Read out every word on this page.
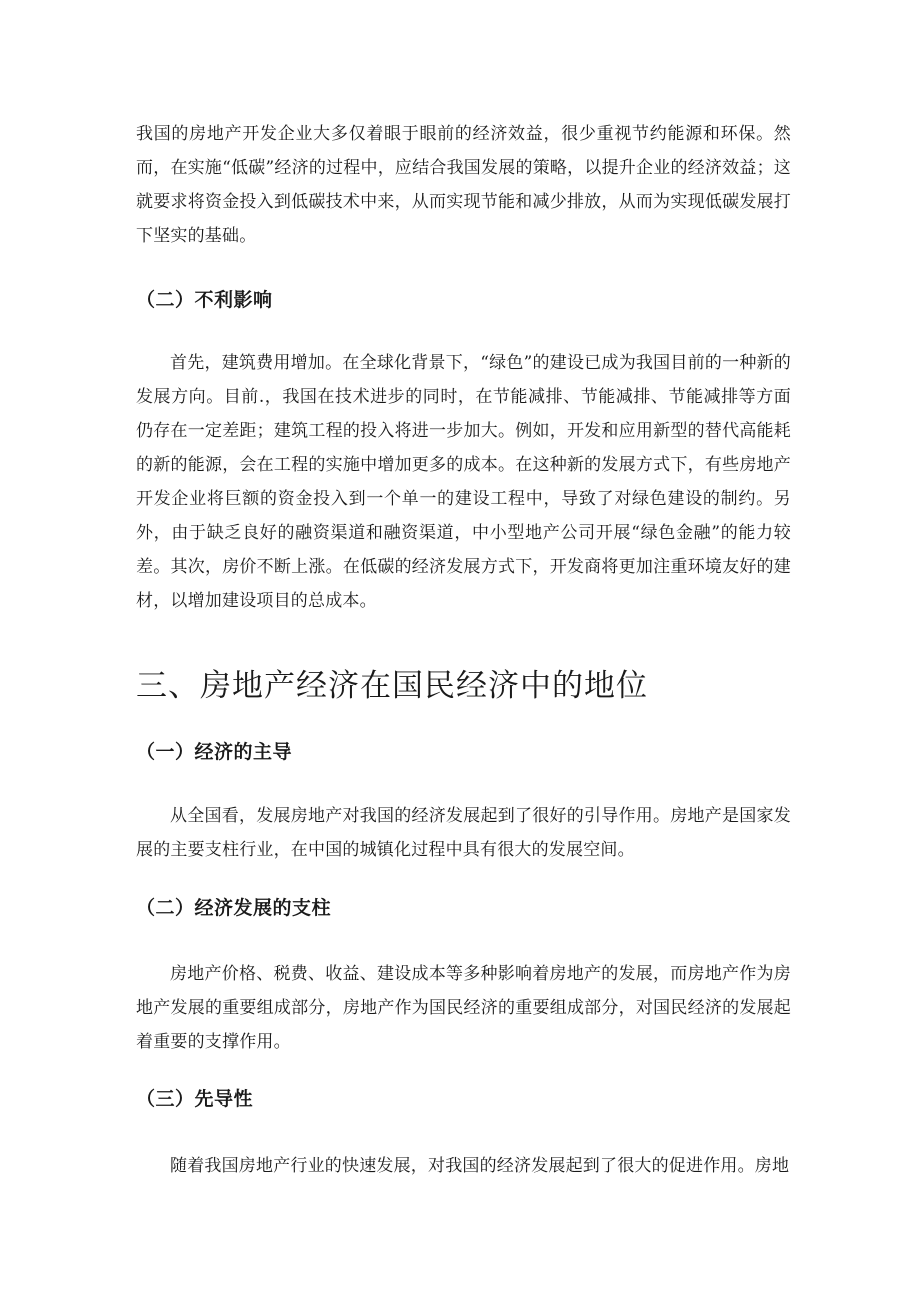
我国的房地产开发企业大多仅着眼于眼前的经济效益，很少重视节约能源和环保。然而，在实施“低碳”经济的过程中，应结合我国发展的策略，以提升企业的经济效益；这就要求将资金投入到低碳技术中来，从而实现节能和减少排放，从而为实现低碳发展打下坚实的基础。

（二）不利影响

首先，建筑费用增加。在全球化背景下，“绿色”的建设已成为我国目前的一种新的发展方向。目前.，我国在技术进步的同时，在节能减排、节能减排、节能减排等方面仍存在一定差距；建筑工程的投入将进一步加大。例如，开发和应用新型的替代高能耗的新的能源，会在工程的实施中增加更多的成本。在这种新的发展方式下，有些房地产开发企业将巨额的资金投入到一个单一的建设工程中，导致了对绿色建设的制约。另外，由于缺乏良好的融资渠道和融资渠道，中小型地产公司开展“绿色金融”的能力较差。其次，房价不断上涨。在低碳的经济发展方式下，开发商将更加注重环境友好的建材，以增加建设项目的总成本。

三、房地产经济在国民经济中的地位
（一）经济的主导

从全国看，发展房地产对我国的经济发展起到了很好的引导作用。房地产是国家发展的主要支柱行业，在中国的城镇化过程中具有很大的发展空间。

（二）经济发展的支柱

房地产价格、税费、收益、建设成本等多种影响着房地产的发展，而房地产作为房地产发展的重要组成部分，房地产作为国民经济的重要组成部分，对国民经济的发展起着重要的支撑作用。

（三）先导性

随着我国房地产行业的快速发展，对我国的经济发展起到了很大的促进作用。房地
